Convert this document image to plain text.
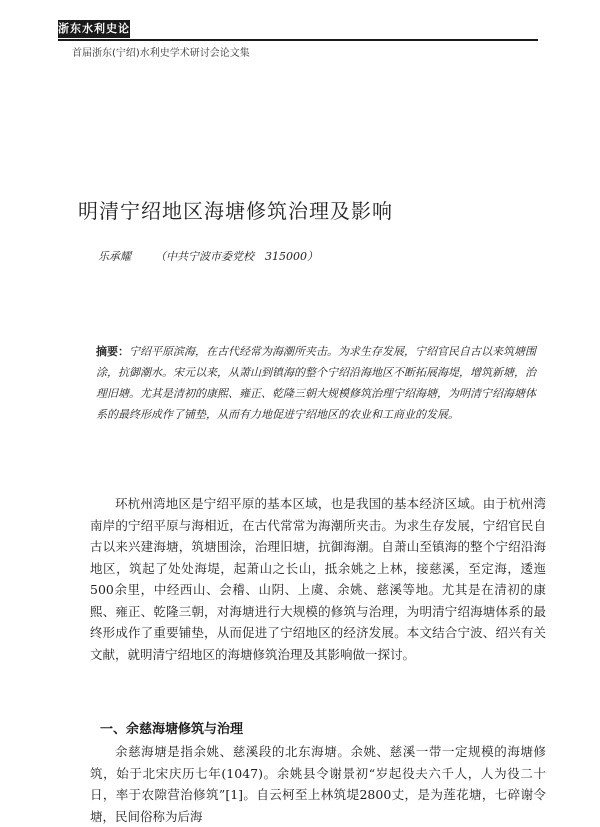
浙东水利史论
首届浙东(宁绍)水利史学术研讨会论文集
明清宁绍地区海塘修筑治理及影响
乐承耀 （中共宁波市委党校　315000）
摘要：宁绍平原滨海，在古代经常为海潮所夹击。为求生存发展，宁绍官民自古以来筑塘围涂，抗御潮水。宋元以来，从萧山到镇海的整个宁绍沿海地区不断拓展海堤，增筑新塘，治理旧塘。尤其是清初的康熙、雍正、乾隆三朝大规模修筑治理宁绍海塘，为明清宁绍海塘体系的最终形成作了铺垫，从而有力地促进宁绍地区的农业和工商业的发展。
环杭州湾地区是宁绍平原的基本区域，也是我国的基本经济区域。由于杭州湾南岸的宁绍平原与海相近，在古代常常为海潮所夹击。为求生存发展，宁绍官民自古以来兴建海塘，筑塘围涂，治理旧塘，抗御海潮。自萧山至镇海的整个宁绍沿海地区，筑起了处处海堤，起萧山之长山，抵余姚之上林，接慈溪，至定海，逶迤500余里，中经西山、会稽、山阴、上虞、余姚、慈溪等地。尤其是在清初的康熙、雍正、乾隆三朝，对海塘进行大规模的修筑与治理，为明清宁绍海塘体系的最终形成作了重要铺垫，从而促进了宁绍地区的经济发展。本文结合宁波、绍兴有关文献，就明清宁绍地区的海塘修筑治理及其影响做一探讨。
一、余慈海塘修筑与治理
余慈海塘是指余姚、慈溪段的北东海塘。余姚、慈溪一带一定规模的海塘修筑，始于北宋庆历七年(1047)。余姚县令谢景初“岁起役夫六千人，人为役二十日，率于农隙营治修筑”[1]。自云柯至上林筑堤2800丈，是为莲花塘，七碎谢令塘，民间俗称为后海
